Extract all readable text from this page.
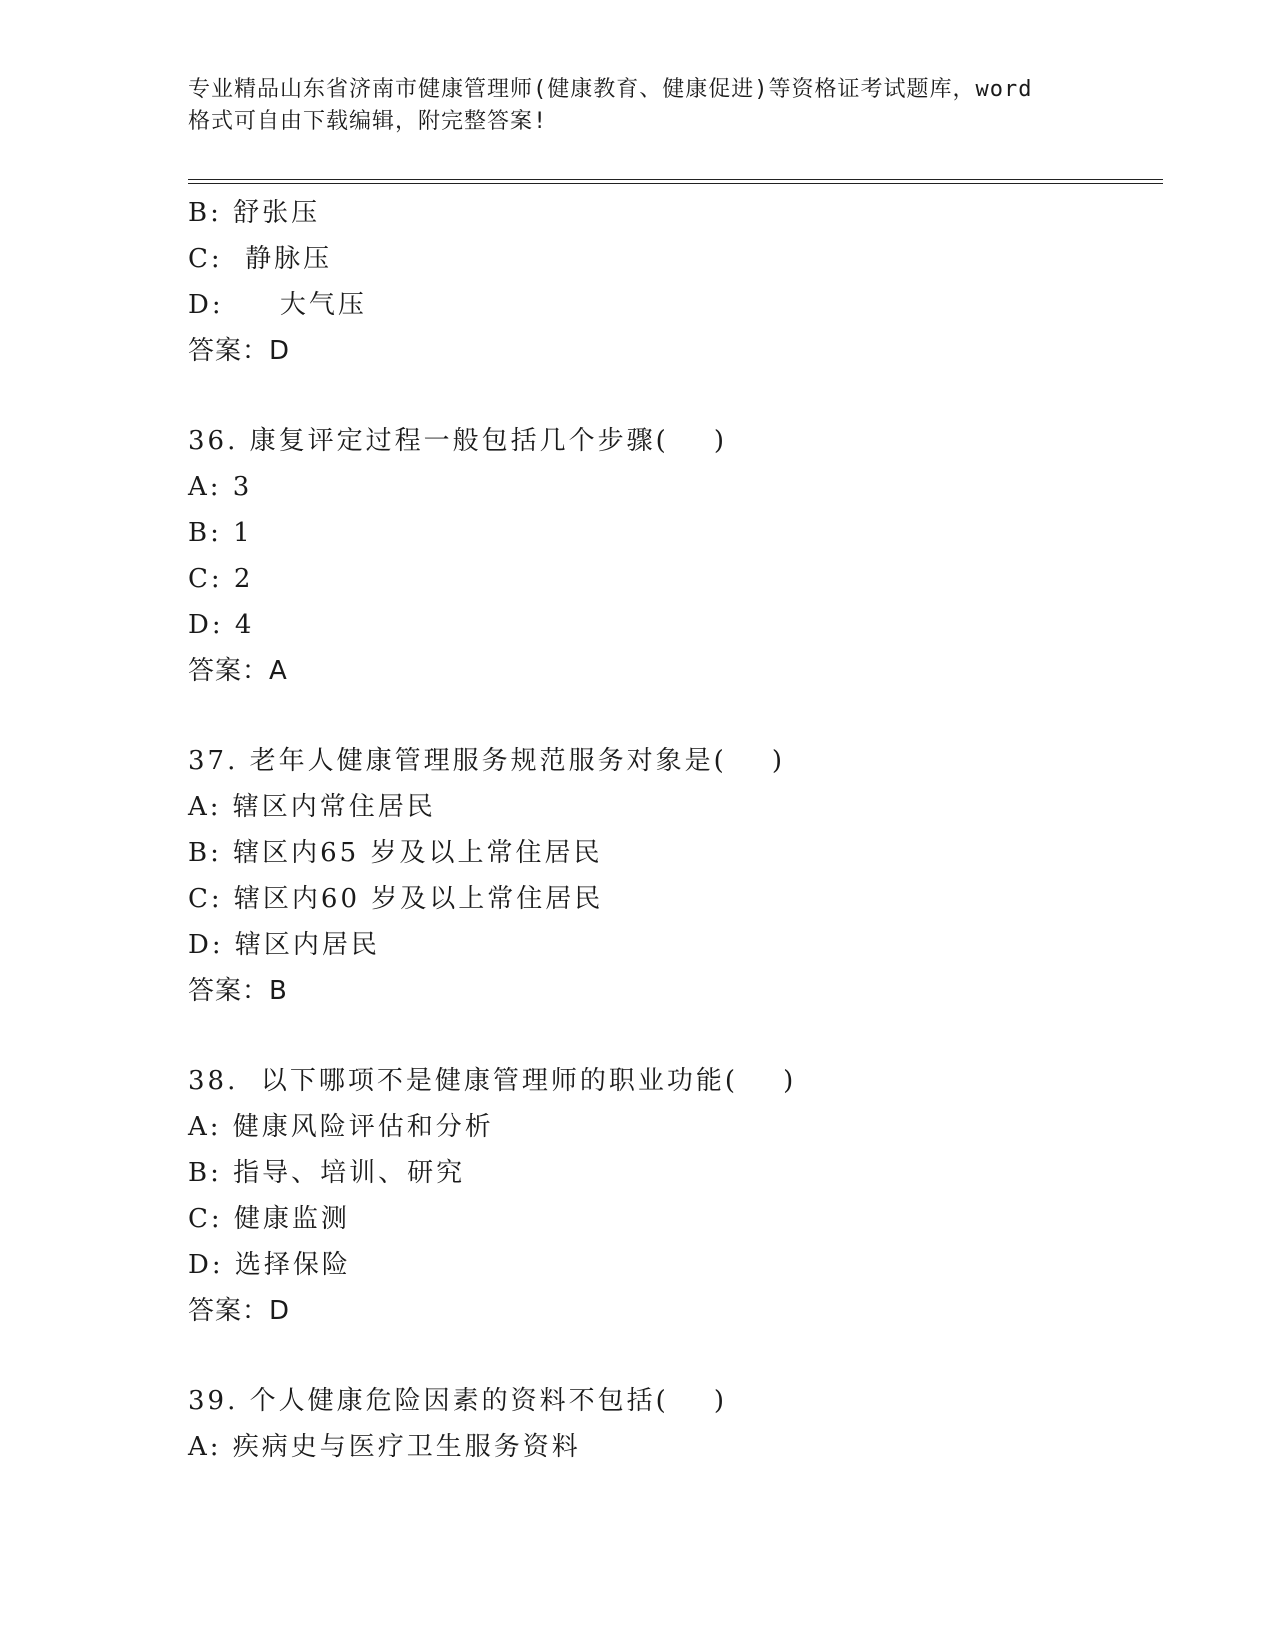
专业精品山东省济南市健康管理师(健康教育、健康促进)等资格证考试题库，word
格式可自由下载编辑，附完整答案!
B: 舒张压
C:  静脉压
D:     大气压
答案：D
36. 康复评定过程一般包括几个步骤(    )
A: 3
B: 1
C: 2
D: 4
答案：A
37. 老年人健康管理服务规范服务对象是(    )
A: 辖区内常住居民
B: 辖区内65 岁及以上常住居民
C: 辖区内60 岁及以上常住居民
D: 辖区内居民
答案：B
38.  以下哪项不是健康管理师的职业功能(    )
A: 健康风险评估和分析
B: 指导、培训、研究
C: 健康监测
D: 选择保险
答案：D
39. 个人健康危险因素的资料不包括(    )
A: 疾病史与医疗卫生服务资料
